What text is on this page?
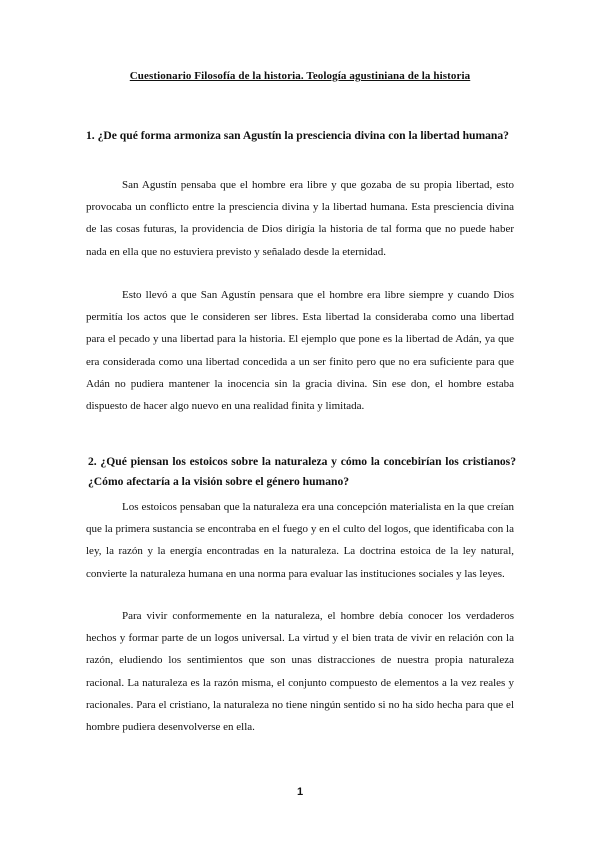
Cuestionario Filosofía de la historia. Teología agustiniana de la historia

1. ¿De qué forma armoniza san Agustín la presciencia divina con la libertad humana?

San Agustín pensaba que el hombre era libre y que gozaba de su propia libertad, esto provocaba un conflicto entre la presciencia divina y la libertad humana. Esta presciencia divina de las cosas futuras, la providencia de Dios dirigía la historia de tal forma que no puede haber nada en ella que no estuviera previsto y señalado desde la eternidad.

Esto llevó a que San Agustín pensara que el hombre era libre siempre y cuando Dios permitía los actos que le consideren ser libres. Esta libertad la consideraba como una libertad para el pecado y una libertad para la historia. El ejemplo que pone es la libertad de Adán, ya que era considerada como una libertad concedida a un ser finito pero que no era suficiente para que Adán no pudiera mantener la inocencia sin la gracia divina. Sin ese don, el hombre estaba dispuesto de hacer algo nuevo en una realidad finita y limitada.

2. ¿Qué piensan los estoicos sobre la naturaleza y cómo la concebirían los cristianos? ¿Cómo afectaría a la visión sobre el género humano?

Los estoicos pensaban que la naturaleza era una concepción materialista en la que creían que la primera sustancia se encontraba en el fuego y en el culto del logos, que identificaba con la ley, la razón y la energía encontradas en la naturaleza. La doctrina estoica de la ley natural, convierte la naturaleza humana en una norma para evaluar las instituciones sociales y las leyes.

Para vivir conformemente en la naturaleza, el hombre debía conocer los verdaderos hechos y formar parte de un logos universal. La virtud y el bien trata de vivir en relación con la razón, eludiendo los sentimientos que son unas distracciones de nuestra propia naturaleza racional. La naturaleza es la razón misma, el conjunto compuesto de elementos a la vez reales y racionales. Para el cristiano, la naturaleza no tiene ningún sentido si no ha sido hecha para que el hombre pudiera desenvolverse en ella.

1
